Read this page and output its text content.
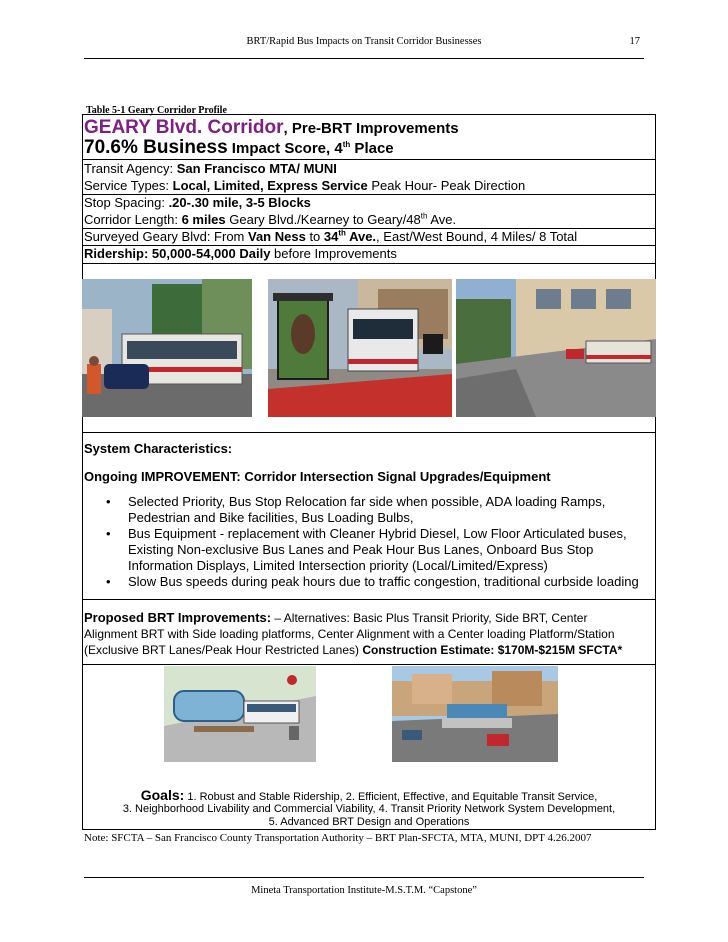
BRT/Rapid Bus Impacts on Transit Corridor Businesses	17
Table 5-1 Geary Corridor Profile
GEARY Blvd. Corridor, Pre-BRT Improvements
70.6% Business Impact Score, 4th Place
Transit Agency: San Francisco MTA/ MUNI
Service Types: Local, Limited, Express Service Peak Hour- Peak Direction
Stop Spacing: .20-.30 mile, 3-5 Blocks
Corridor Length: 6 miles Geary Blvd./Kearney to Geary/48th Ave.
Surveyed Geary Blvd: From Van Ness to 34th Ave., East/West Bound, 4 Miles/ 8 Total
Ridership: 50,000-54,000 Daily before Improvements
System Characteristics:
Ongoing IMPROVEMENT: Corridor Intersection Signal Upgrades/Equipment
• Selected Priority, Bus Stop Relocation far side when possible, ADA loading Ramps,
Pedestrian and Bike facilities, Bus Loading Bulbs,
• Bus Equipment - replacement with Cleaner Hybrid Diesel, Low Floor Articulated buses,
Existing Non-exclusive Bus Lanes and Peak Hour Bus Lanes, Onboard Bus Stop
Information Displays, Limited Intersection priority (Local/Limited/Express)
• Slow Bus speeds during peak hours due to traffic congestion, traditional curbside loading
Proposed BRT Improvements: – Alternatives: Basic Plus Transit Priority, Side BRT, Center
Alignment BRT with Side loading platforms, Center Alignment with a Center loading Platform/Station
(Exclusive BRT Lanes/Peak Hour Restricted Lanes) Construction Estimate: $170M-$215M SFCTA*
Goals: 1. Robust and Stable Ridership, 2. Efficient, Effective, and Equitable Transit Service,
3. Neighborhood Livability and Commercial Viability, 4. Transit Priority Network System Development,
5. Advanced BRT Design and Operations
Note: SFCTA – San Francisco County Transportation Authority – BRT Plan-SFCTA, MTA, MUNI, DPT 4.26.2007
Mineta Transportation Institute-M.S.T.M. “Capstone”
